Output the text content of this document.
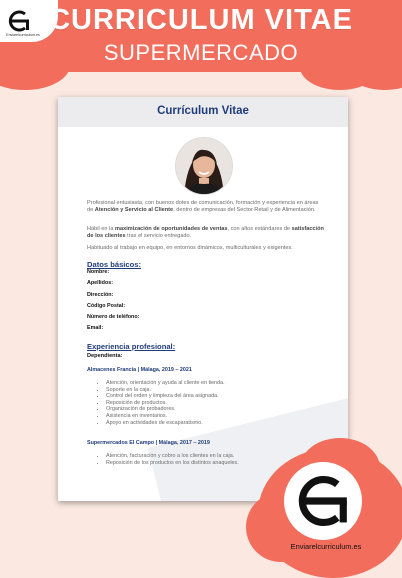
Enviarelcurriculum.es CURRICULUM VITAE
SUPERMERCADO
Currículum Vitae
Profesional entusiasta, con buenos dotes de comunicación, formación y experiencia en áreas de Atención y Servicio al Cliente, dentro de empresas del Sector Retail y de Alimentación.
Hábil en la maximización de oportunidades de ventas, con altos estándares de satisfacción de los clientes tras el servicio entregado.
Habituado al trabajo en equipo, en entornos dinámicos, multiculturales y exigentes.
Datos básicos:
Nombre:
Apellidos:
Dirección:
Código Postal:
Número de teléfono:
Email:
Experiencia profesional:
Dependienta:
Almacenes Francia | Málaga, 2019 – 2021
• Atención, orientación y ayuda al cliente en tienda.
• Soporte en la caja.
• Control del orden y limpieza del área asignada.
• Reposición de productos.
• Organización de probadores.
• Asistencia en inventarios.
• Apoyo en actividades de escaparatismo.
Supermercados El Campo | Málaga, 2017 – 2019
• Atención, facturación y cobro a los clientes en la caja.
• Reposición de los productos en los distintos anaqueles.
Enviarelcurriculum.es
